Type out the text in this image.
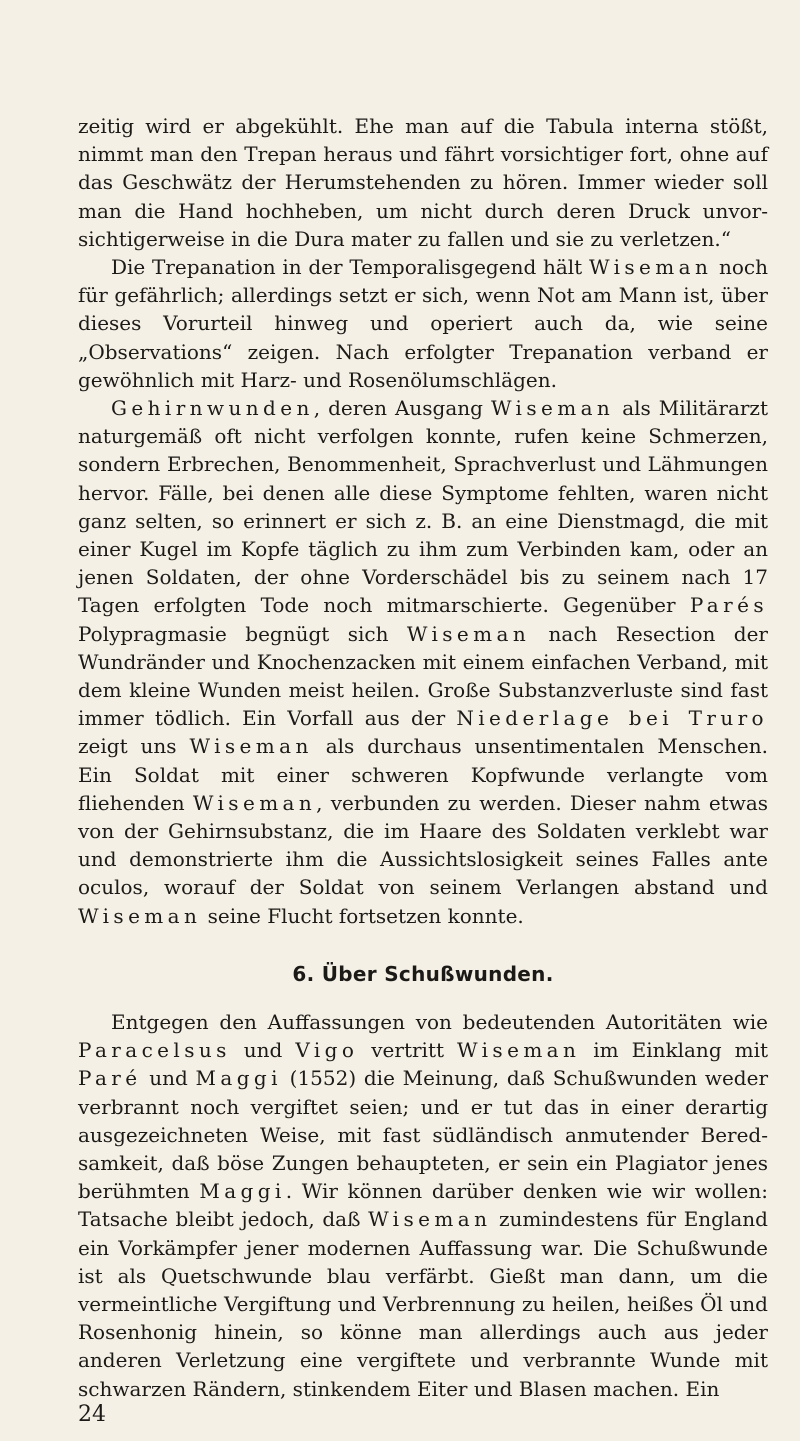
zeitig wird er abgekühlt. Ehe man auf die Tabula interna stößt, nimmt man den Trepan heraus und fährt vorsichtiger fort, ohne auf das Geschwätz der Herumstehenden zu hören. Immer wieder soll man die Hand hochheben, um nicht durch deren Druck unvorsichtigerweise in die Dura mater zu fallen und sie zu verletzen.“

Die Trepanation in der Temporalisgegend hält Wiseman noch für gefährlich; allerdings setzt er sich, wenn Not am Mann ist, über dieses Vorurteil hinweg und operiert auch da, wie seine „Observations“ zeigen. Nach erfolgter Trepanation verband er gewöhnlich mit Harz- und Rosenölumschlägen.

Gehirnwunden, deren Ausgang Wiseman als Militärarzt naturgemäß oft nicht verfolgen konnte, rufen keine Schmerzen, sondern Erbrechen, Benommenheit, Sprachverlust und Lähmungen hervor. Fälle, bei denen alle diese Symptome fehlten, waren nicht ganz selten, so erinnert er sich z. B. an eine Dienstmagd, die mit einer Kugel im Kopfe täglich zu ihm zum Verbinden kam, oder an jenen Soldaten, der ohne Vorderschädel bis zu seinem nach 17 Tagen erfolgten Tode noch mitmarschierte. Gegenüber Parés Polypragmasie begnügt sich Wiseman nach Resection der Wundränder und Knochenzacken mit einem einfachen Verband, mit dem kleine Wunden meist heilen. Große Substanzverluste sind fast immer tödlich. Ein Vorfall aus der Niederlage bei Truro zeigt uns Wiseman als durchaus unsentimentalen Menschen. Ein Soldat mit einer schweren Kopfwunde verlangte vom fliehenden Wiseman, verbunden zu werden. Dieser nahm etwas von der Gehirnsubstanz, die im Haare des Soldaten verklebt war und demonstrierte ihm die Aussichtslosigkeit seines Falles ante oculos, worauf der Soldat von seinem Verlangen abstand und Wiseman seine Flucht fortsetzen konnte.

6. Über Schußwunden.

Entgegen den Auffassungen von bedeutenden Autoritäten wie Paracelsus und Vigo vertritt Wiseman im Einklang mit Paré und Maggi (1552) die Meinung, daß Schußwunden weder verbrannt noch vergiftet seien; und er tut das in einer derartig ausgezeichneten Weise, mit fast südländisch anmutender Beredsamkeit, daß böse Zungen behaupteten, er sein ein Plagiator jenes berühmten Maggi. Wir können darüber denken wie wir wollen: Tatsache bleibt jedoch, daß Wiseman zumindestens für England ein Vorkämpfer jener modernen Auffassung war. Die Schußwunde ist als Quetschwunde blau verfärbt. Gießt man dann, um die vermeintliche Vergiftung und Verbrennung zu heilen, heißes Öl und Rosenhonig hinein, so könne man allerdings auch aus jeder anderen Verletzung eine vergiftete und verbrannte Wunde mit schwarzen Rändern, stinkendem Eiter und Blasen machen. Ein

24
